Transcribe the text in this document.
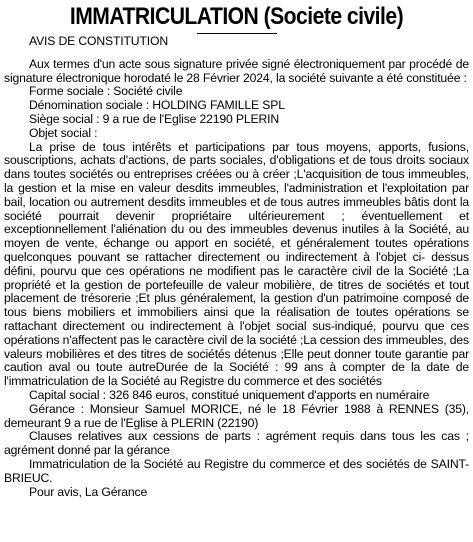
IMMATRICULATION (Societe civile)

AVIS DE CONSTITUTION

Aux termes d'un acte sous signature privée signé électroniquement par procédé de signature électronique horodaté le 28 Février 2024, la société suivante a été constituée :

Forme sociale : Société civile

Dénomination sociale : HOLDING FAMILLE SPL

Siège social : 9 a rue de l'Eglise 22190 PLERIN

Objet social :

La prise de tous intérêts et participations par tous moyens, apports, fusions, souscriptions, achats d'actions, de parts sociales, d'obligations et de tous droits sociaux dans toutes sociétés ou entreprises créées ou à créer ;L'acquisition de tous immeubles, la gestion et la mise en valeur desdits immeubles, l'administration et l'exploitation par bail, location ou autrement desdits immeubles et de tous autres immeubles bâtis dont la société pourrait devenir propriétaire ultérieurement ; éventuellement et exceptionnellement l'aliénation du ou des immeubles devenus inutiles à la Société, au moyen de vente, échange ou apport en société, et généralement toutes opérations quelconques pouvant se rattacher directement ou indirectement à l'objet ci- dessus défini, pourvu que ces opérations ne modifient pas le caractère civil de la Société ;La propriété et la gestion de portefeuille de valeur mobilière, de titres de sociétés et tout placement de trésorerie ;Et plus généralement, la gestion d'un patrimoine composé de tous biens mobiliers et immobiliers ainsi que la réalisation de toutes opérations se rattachant directement ou indirectement à l'objet social sus-indiqué, pourvu que ces opérations n'affectent pas le caractère civil de la société ;La cession des immeubles, des valeurs mobilières et des titres de sociétés détenus ;Elle peut donner toute garantie par caution aval ou toute autreDurée de la Société : 99 ans à compter de la date de l'immatriculation de la Société au Registre du commerce et des sociétés

Capital social : 326 846 euros, constitué uniquement d'apports en numéraire

Gérance : Monsieur Samuel MORICE, né le 18 Février 1988 à RENNES (35), demeurant 9 a rue de l'Eglise à PLERIN (22190)

Clauses relatives aux cessions de parts : agrément requis dans tous les cas ; agrément donné par la gérance

Immatriculation de la Société au Registre du commerce et des sociétés de SAINT-BRIEUC.

Pour avis, La Gérance
